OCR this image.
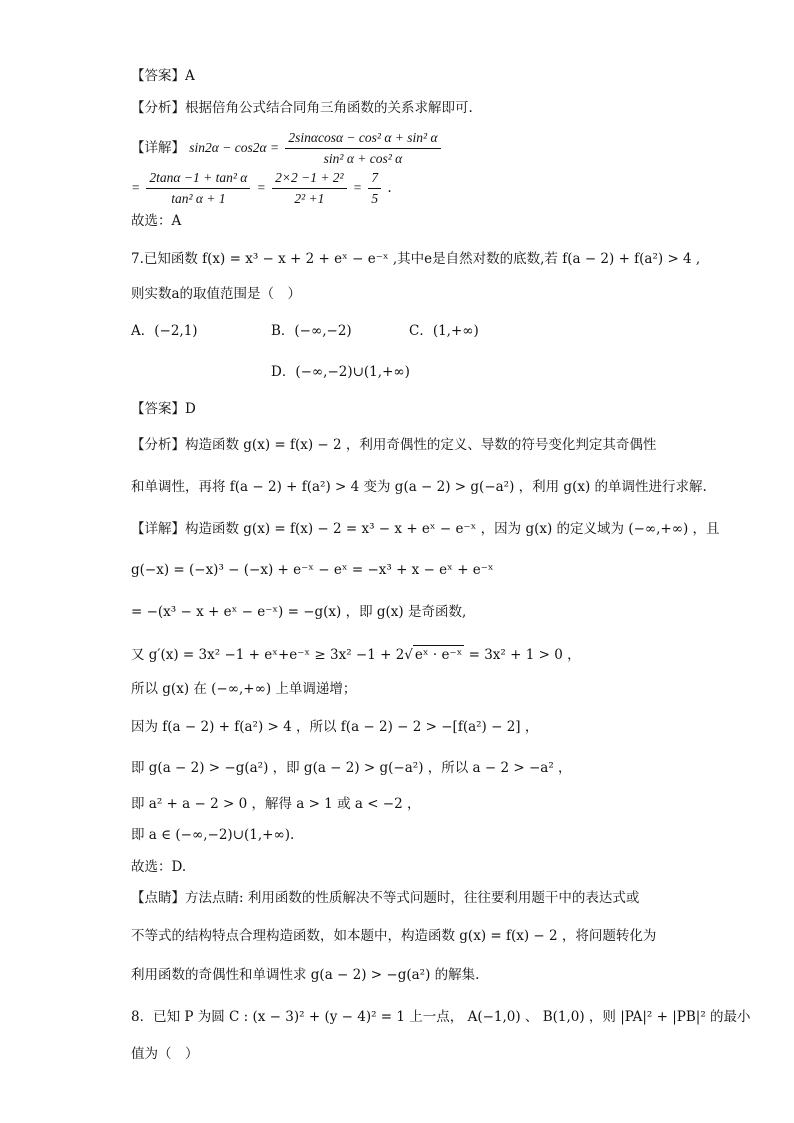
【答案】A
【分析】根据倍角公式结合同角三角函数的关系求解即可.
【详解】 $\sin 2\alpha - \cos 2\alpha = \frac{\text{2sinαcosα − cos² α + sin² α}}{\text{sin² α + cos² α}}$
= $\frac{\text{2tanα −1 + tan² α}}{\text{tan² α + 1}} = \frac{\text{2×2 −1 + 2²}}{\text{2² +1}} = \frac{7}{5}$ .
故选：A
7.已知函数 f(x) = x³ − x + 2 + eˣ − e⁻ˣ ,其中e是自然对数的底数,若 f(a − 2) + f(a²) > 4 ,
则实数a的取值范围是（　）
A．(−2,1)	B．(−∞,−2)	C．(1,+∞)
D．(−∞,−2)∪(1,+∞)
【答案】D
【分析】构造函数 g(x) = f(x) − 2 ，利用奇偶性的定义、导数的符号变化判定其奇偶性
和单调性，再将 f(a − 2) + f(a²) > 4 变为 g(a − 2) > g(−a²) ，利用 g(x) 的单调性进行求解.
【详解】构造函数 g(x) = f(x) − 2 = x³ − x + eˣ − e⁻ˣ ，因为 g(x) 的定义域为 (−∞,+∞) ，且
g(−x) = (−x)³ − (−x) + e⁻ˣ − eˣ = −x³ + x − eˣ + e⁻ˣ
= −(x³ − x + eˣ − e⁻ˣ) = −g(x) ，即 g(x) 是奇函数,
又 g′(x) = 3x² −1 + eˣ+e⁻ˣ ≥ 3x² −1 + 2√ eˣ · e⁻ˣ = 3x² + 1 > 0 ，
所以 g(x) 在 (−∞,+∞) 上单调递增；
因为 f(a − 2) + f(a²) > 4 ，所以 f(a − 2) − 2 > −[f(a²) − 2] ，
即 g(a − 2) > −g(a²) ，即 g(a − 2) > g(−a²) ，所以 a − 2 > −a² ，
即 a² + a − 2 > 0 ，解得 a > 1 或 a < −2 ，
即 a ∈ (−∞,−2)∪(1,+∞).
故选：D.
【点睛】方法点睛: 利用函数的性质解决不等式问题时，往往要利用题干中的表达式或
不等式的结构特点合理构造函数，如本题中，构造函数 g(x) = f(x) − 2 ，将问题转化为
利用函数的奇偶性和单调性求 g(a − 2) > −g(a²) 的解集.
8．已知 P 为圆 C : (x − 3)² + (y − 4)² = 1 上一点， A(−1,0) 、 B(1,0) ，则 |PA|² + |PB|² 的最小
值为（　）
